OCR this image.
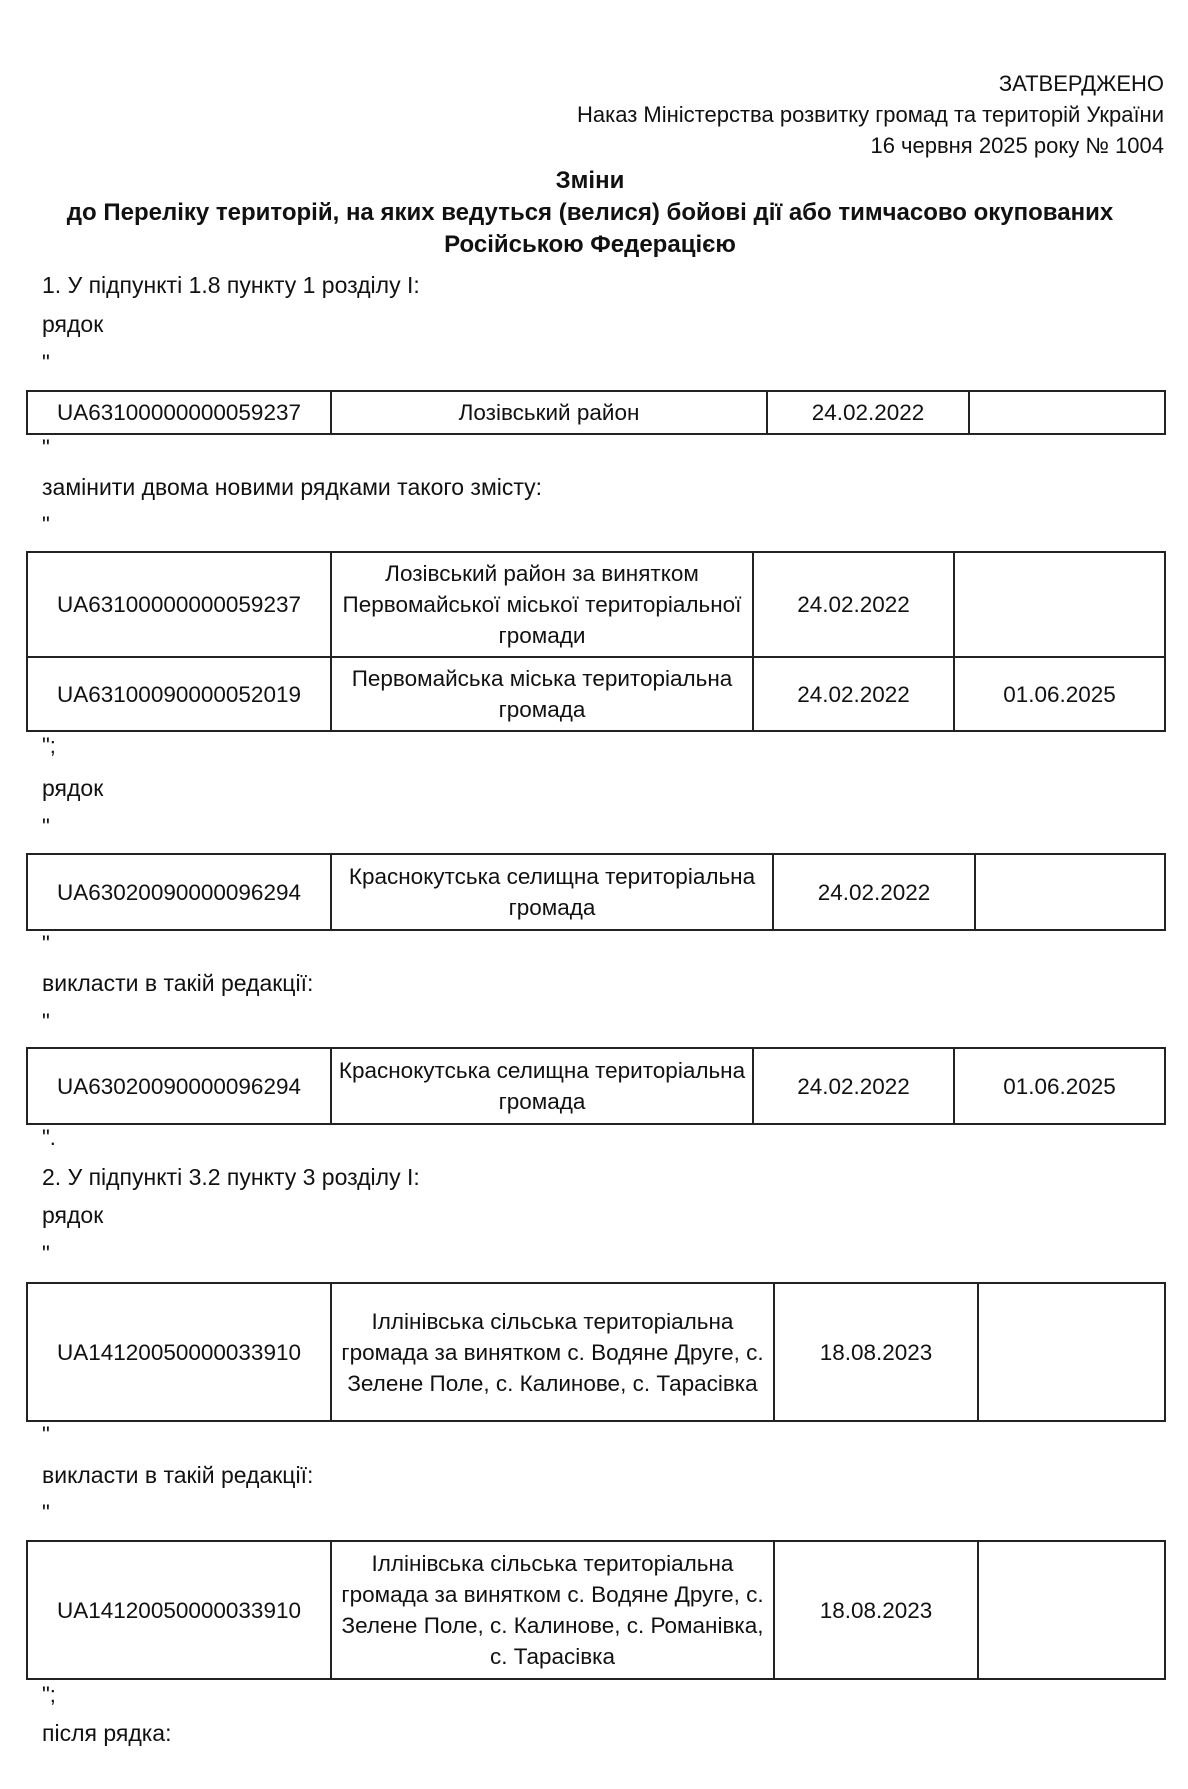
ЗАТВЕРДЖЕНО
Наказ Міністерства розвитку громад та територій України
16 червня 2025 року № 1004
Зміни
до Переліку територій, на яких ведуться (велися) бойові дії або тимчасово окупованих
Російською Федерацією
1. У підпункті 1.8 пункту 1 розділу I:
рядок
"
UA63100000000059237	Лозівський район	24.02.2022	
"
замінити двома новими рядками такого змісту:
"
UA63100000000059237	Лозівський район за винятком Первомайської міської територіальної громади	24.02.2022	
UA63100090000052019	Первомайська міська територіальна громада	24.02.2022	01.06.2025
";
рядок
"
UA63020090000096294	Краснокутська селищна територіальна громада	24.02.2022	
"
викласти в такій редакції:
"
UA63020090000096294	Краснокутська селищна територіальна громада	24.02.2022	01.06.2025
".
2. У підпункті 3.2 пункту 3 розділу I:
рядок
"
UA14120050000033910	Іллінівська сільська територіальна громада за винятком с. Водяне Друге, с. Зелене Поле, с. Калинове, с. Тарасівка	18.08.2023	
"
викласти в такій редакції:
"
UA14120050000033910	Іллінівська сільська територіальна громада за винятком с. Водяне Друге, с. Зелене Поле, с. Калинове, с. Романівка, с. Тарасівка	18.08.2023	
";
після рядка:
